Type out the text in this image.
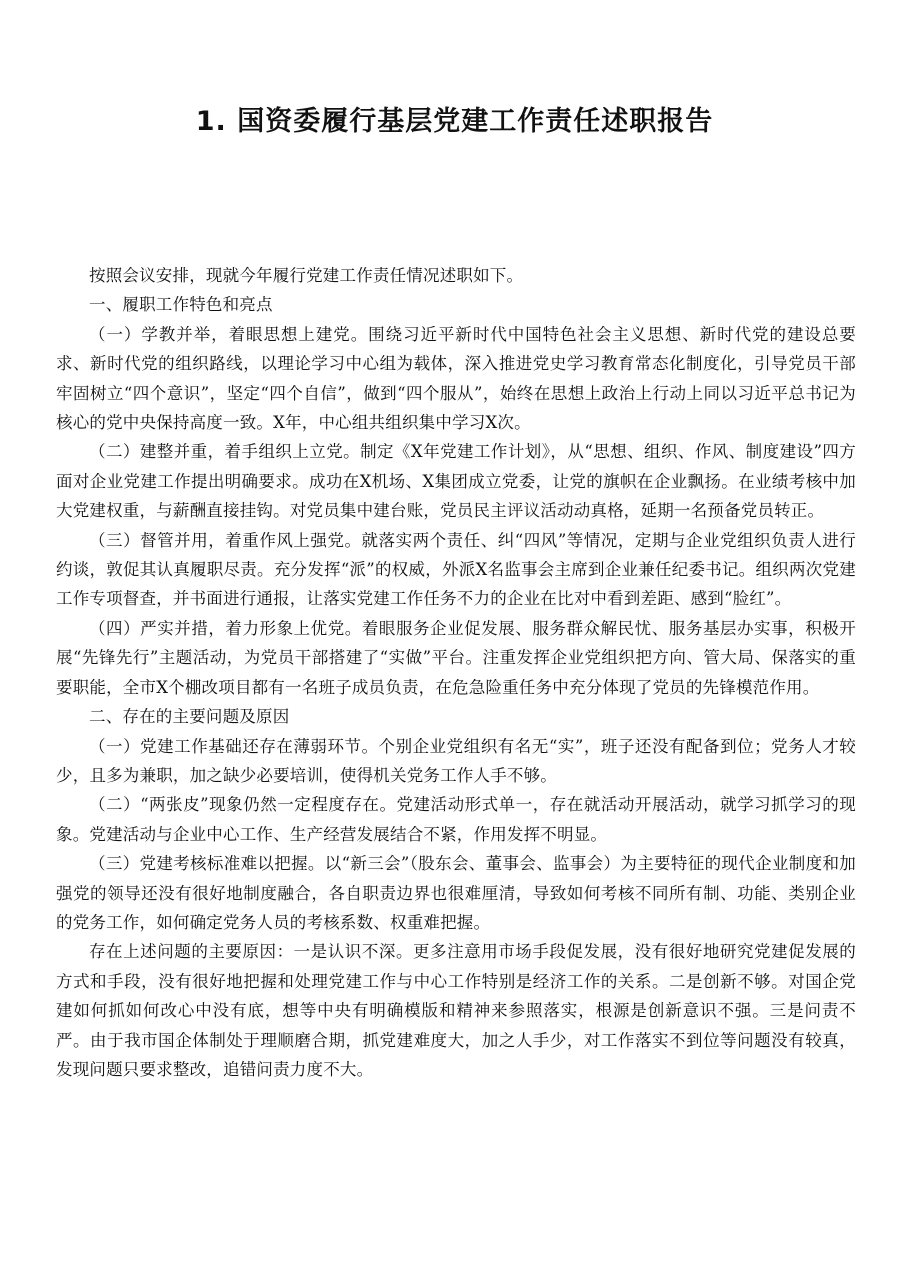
1. 国资委履行基层党建工作责任述职报告

按照会议安排，现就今年履行党建工作责任情况述职如下。

一、履职工作特色和亮点

（一）学教并举，着眼思想上建党。围绕习近平新时代中国特色社会主义思想、新时代党的建设总要求、新时代党的组织路线，以理论学习中心组为载体，深入推进党史学习教育常态化制度化，引导党员干部牢固树立“四个意识”，坚定“四个自信”，做到“四个服从”，始终在思想上政治上行动上同以习近平总书记为核心的党中央保持高度一致。X年，中心组共组织集中学习X次。

（二）建整并重，着手组织上立党。制定《X年党建工作计划》，从“思想、组织、作风、制度建设”四方面对企业党建工作提出明确要求。成功在X机场、X集团成立党委，让党的旗帜在企业飘扬。在业绩考核中加大党建权重，与薪酬直接挂钩。对党员集中建台账，党员民主评议活动动真格，延期一名预备党员转正。

（三）督管并用，着重作风上强党。就落实两个责任、纠“四风”等情况，定期与企业党组织负责人进行约谈，敦促其认真履职尽责。充分发挥“派”的权威，外派X名监事会主席到企业兼任纪委书记。组织两次党建工作专项督查，并书面进行通报，让落实党建工作任务不力的企业在比对中看到差距、感到“脸红”。

（四）严实并措，着力形象上优党。着眼服务企业促发展、服务群众解民忧、服务基层办实事，积极开展“先锋先行”主题活动，为党员干部搭建了“实做”平台。注重发挥企业党组织把方向、管大局、保落实的重要职能，全市X个棚改项目都有一名班子成员负责，在危急险重任务中充分体现了党员的先锋模范作用。

二、存在的主要问题及原因

（一）党建工作基础还存在薄弱环节。个别企业党组织有名无“实”，班子还没有配备到位；党务人才较少，且多为兼职，加之缺少必要培训，使得机关党务工作人手不够。

（二）“两张皮”现象仍然一定程度存在。党建活动形式单一，存在就活动开展活动，就学习抓学习的现象。党建活动与企业中心工作、生产经营发展结合不紧，作用发挥不明显。

（三）党建考核标准难以把握。以“新三会”（股东会、董事会、监事会）为主要特征的现代企业制度和加强党的领导还没有很好地制度融合，各自职责边界也很难厘清，导致如何考核不同所有制、功能、类别企业的党务工作，如何确定党务人员的考核系数、权重难把握。

存在上述问题的主要原因：一是认识不深。更多注意用市场手段促发展，没有很好地研究党建促发展的方式和手段，没有很好地把握和处理党建工作与中心工作特别是经济工作的关系。二是创新不够。对国企党建如何抓如何改心中没有底，想等中央有明确模版和精神来参照落实，根源是创新意识不强。三是问责不严。由于我市国企体制处于理顺磨合期，抓党建难度大，加之人手少，对工作落实不到位等问题没有较真，发现问题只要求整改，追错问责力度不大。
